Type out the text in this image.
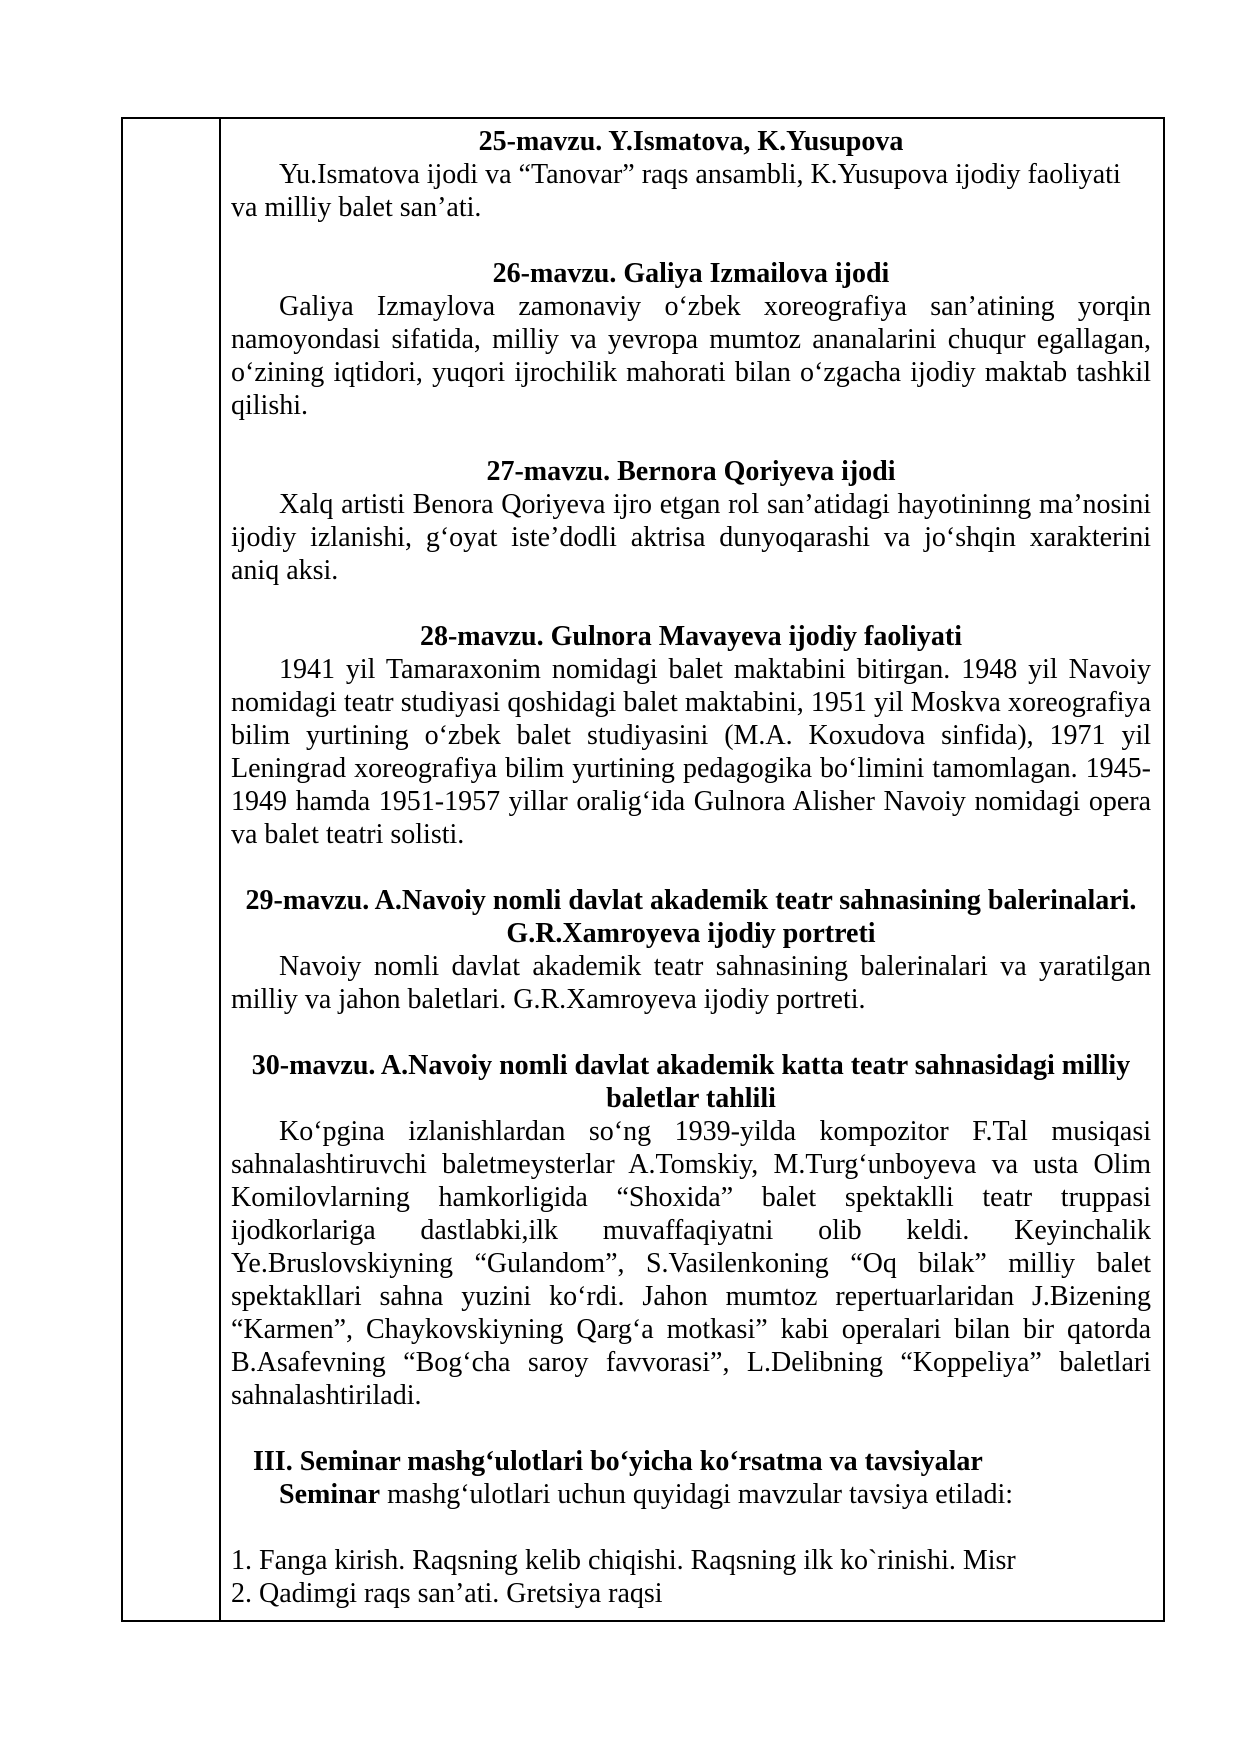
25-mavzu. Y.Ismatova, K.Yusupova

Yu.Ismatova ijodi va “Tanovar” raqs ansambli, K.Yusupova ijodiy faoliyati va milliy balet san’ati.

26-mavzu. Galiya Izmailova ijodi

Galiya Izmaylova zamonaviy o‘zbek xoreografiya san’atining yorqin namoyondasi sifatida, milliy va yevropa mumtoz ananalarini chuqur egallagan, o‘zining iqtidori, yuqori ijrochilik mahorati bilan o‘zgacha ijodiy maktab tashkil qilishi.

27-mavzu. Bernora Qoriyeva ijodi

Xalq artisti Benora Qoriyeva ijro etgan rol san’atidagi hayotininng ma’nosini ijodiy izlanishi, g‘oyat iste’dodli aktrisa dunyoqarashi va jo‘shqin xarakterini aniq aksi.

28-mavzu. Gulnora Mavayeva ijodiy faoliyati

1941 yil Tamaraxonim nomidagi balet maktabini bitirgan. 1948 yil Navoiy nomidagi teatr studiyasi qoshidagi balet maktabini, 1951 yil Moskva xoreografiya bilim yurtining o‘zbek balet studiyasini (M.A. Koxudova sinfida), 1971 yil Leningrad xoreografiya bilim yurtining pedagogika bo‘limini tamomlagan. 1945-1949 hamda 1951-1957 yillar oralig‘ida Gulnora Alisher Navoiy nomidagi opera va balet teatri solisti.

29-mavzu. A.Navoiy nomli davlat akademik teatr sahnasining balerinalari. G.R.Xamroyeva ijodiy portreti

Navoiy nomli davlat akademik teatr sahnasining balerinalari va yaratilgan milliy va jahon baletlari. G.R.Xamroyeva ijodiy portreti.

30-mavzu. A.Navoiy nomli davlat akademik katta teatr sahnasidagi milliy baletlar tahlili

Ko‘pgina izlanishlardan so‘ng 1939-yilda kompozitor F.Tal musiqasi sahnalashtiruvchi baletmeysterlar A.Tomskiy, M.Turg‘unboyeva va usta Olim Komilovlarning hamkorligida “Shoxida” balet spektaklli teatr truppasi ijodkorlariga dastlabki,ilk muvaffaqiyatni olib keldi. Keyinchalik Ye.Bruslovskiyning “Gulandom”, S.Vasilenkoning “Oq bilak” milliy balet spektakllari sahna yuzini ko‘rdi. Jahon mumtoz repertuarlaridan J.Bizening “Karmen”, Chaykovskiyning Qarg‘a motkasi” kabi operalari bilan bir qatorda B.Asafevning “Bog‘cha saroy favvorasi”, L.Delibning “Koppeliya” baletlari sahnalashtiriladi.

III. Seminar mashg‘ulotlari bo‘yicha ko‘rsatma va tavsiyalar

Seminar mashg‘ulotlari uchun quyidagi mavzular tavsiya etiladi:

1. Fanga kirish. Raqsning kelib chiqishi. Raqsning ilk ko`rinishi. Misr

2. Qadimgi raqs san’ati. Gretsiya raqsi
